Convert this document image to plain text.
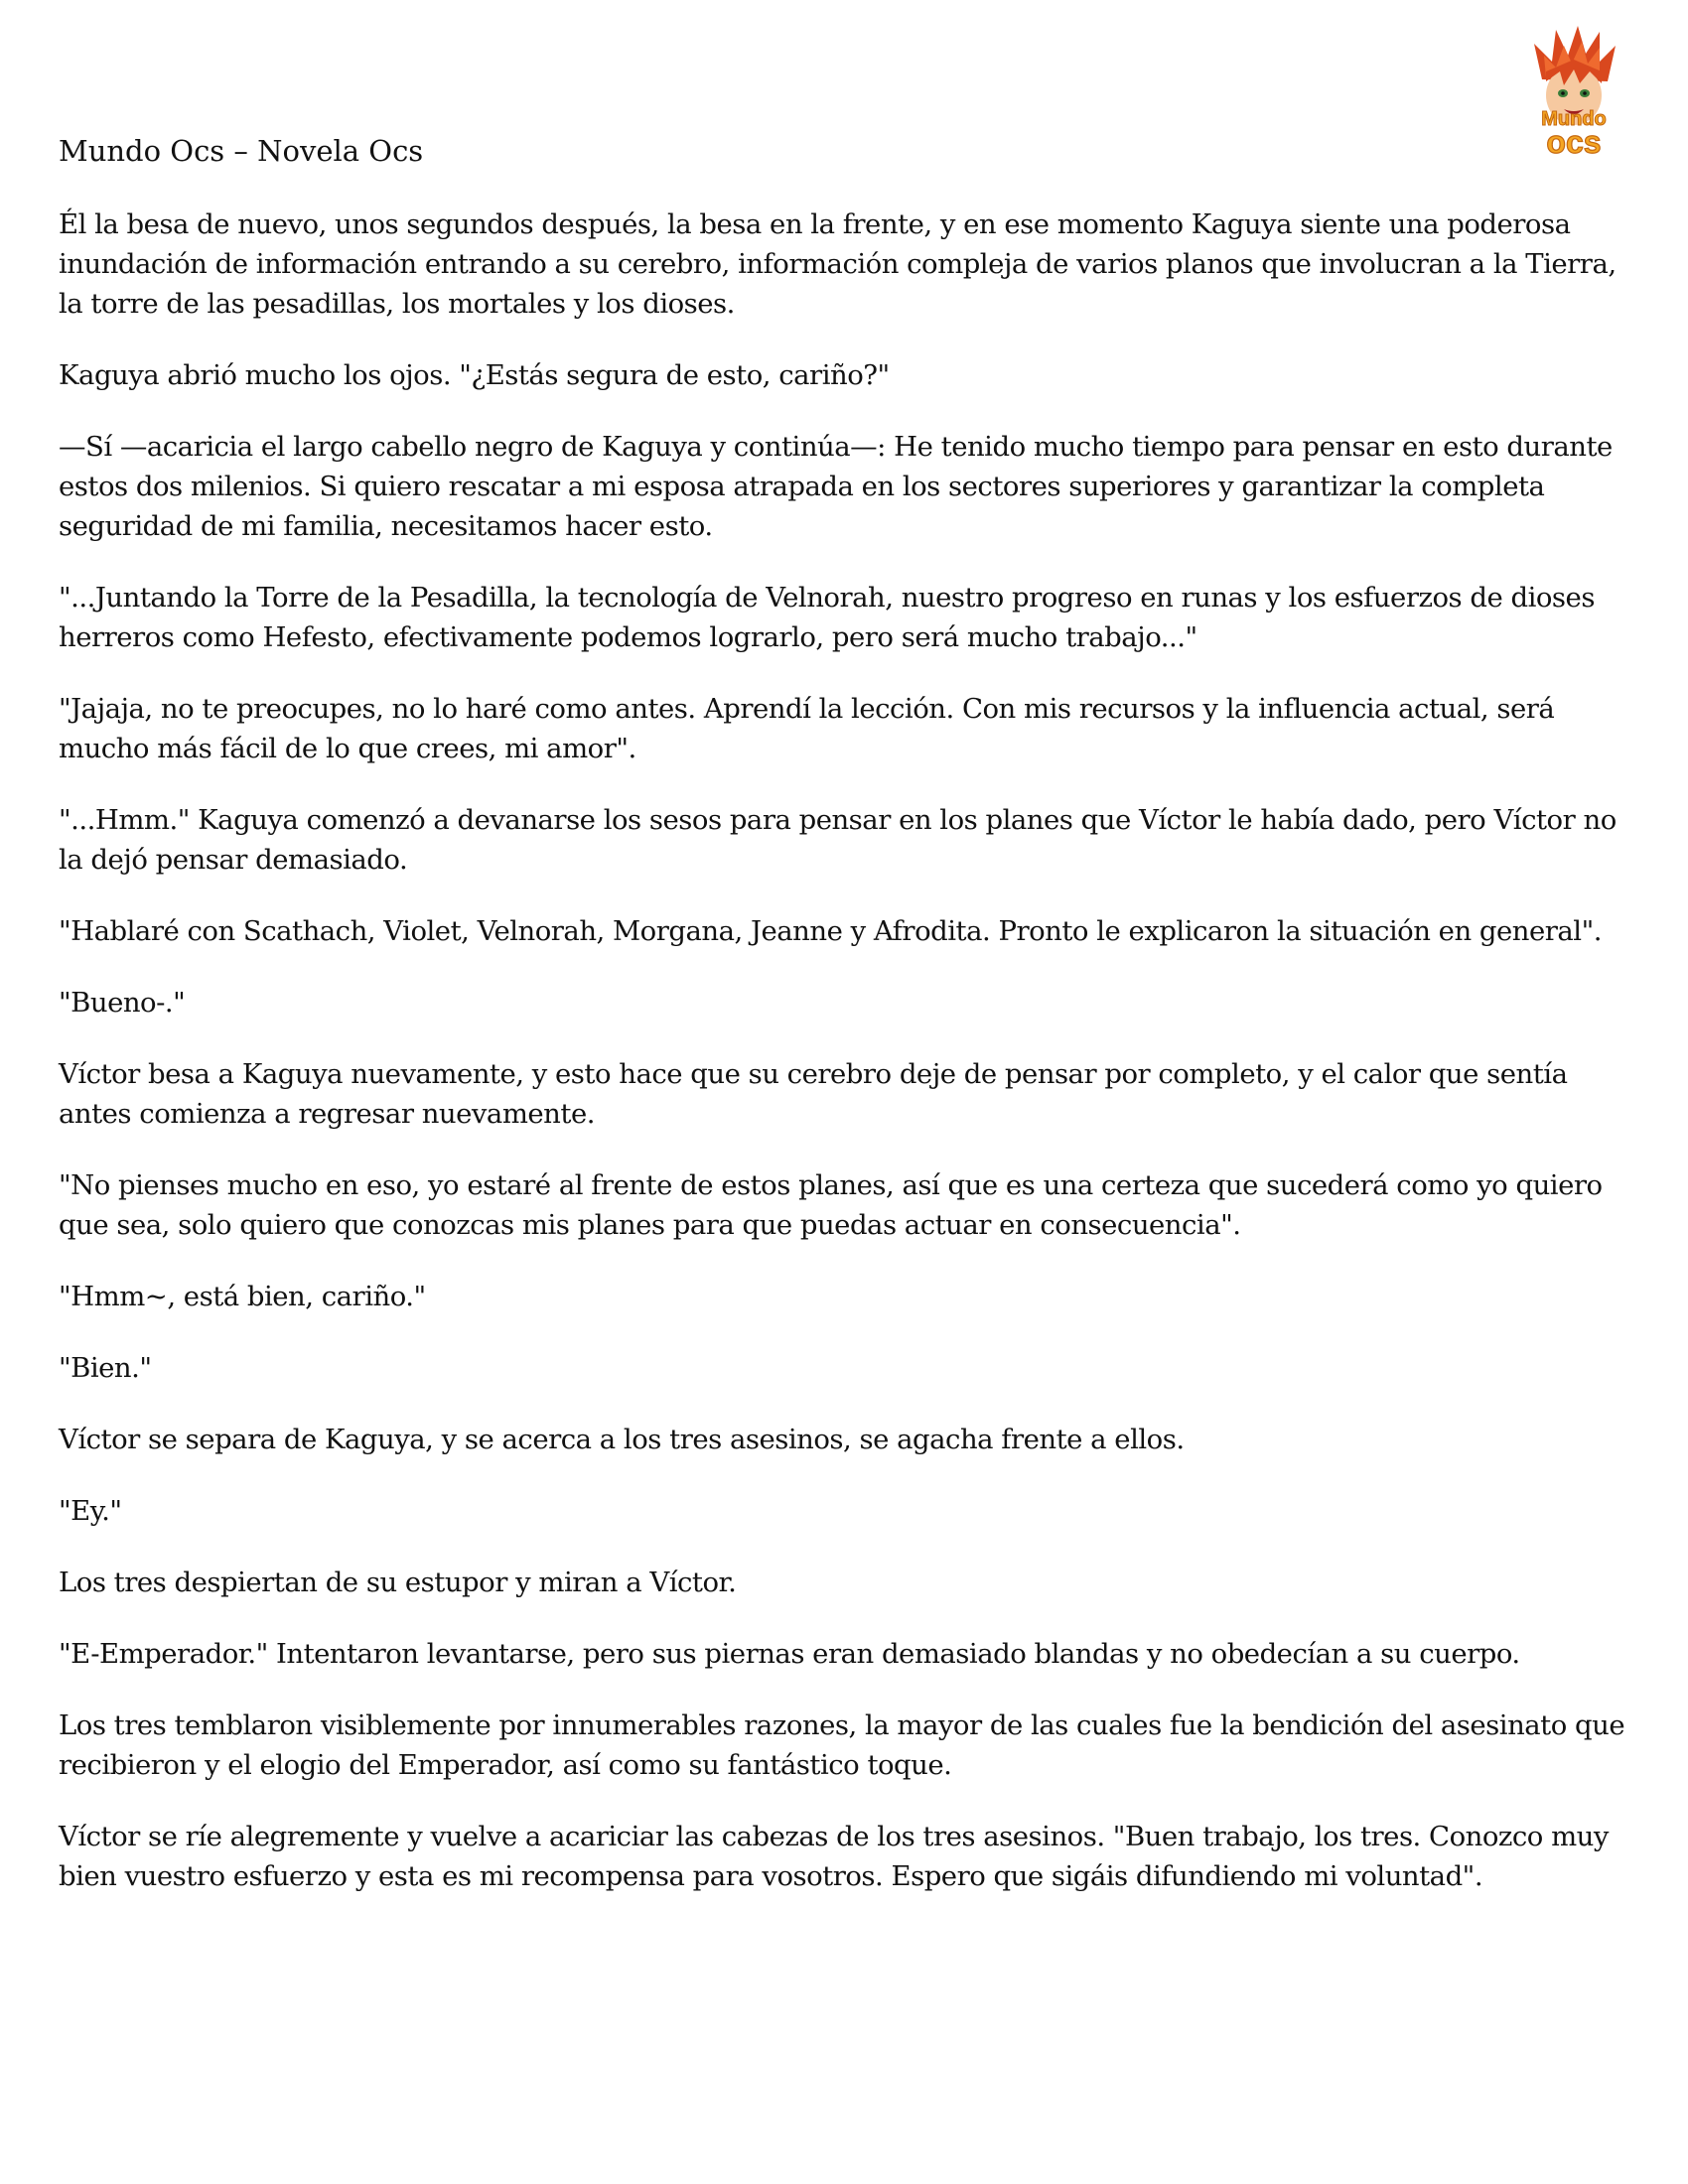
Mundo
ocs
Mundo Ocs – Novela Ocs

Él la besa de nuevo, unos segundos después, la besa en la frente, y en ese momento Kaguya siente una poderosa inundación de información entrando a su cerebro, información compleja de varios planos que involucran a la Tierra, la torre de las pesadillas, los mortales y los dioses.

Kaguya abrió mucho los ojos. "¿Estás segura de esto, cariño?"

—Sí —acaricia el largo cabello negro de Kaguya y continúa—: He tenido mucho tiempo para pensar en esto durante estos dos milenios. Si quiero rescatar a mi esposa atrapada en los sectores superiores y garantizar la completa seguridad de mi familia, necesitamos hacer esto.

"...Juntando la Torre de la Pesadilla, la tecnología de Velnorah, nuestro progreso en runas y los esfuerzos de dioses herreros como Hefesto, efectivamente podemos lograrlo, pero será mucho trabajo..."

"Jajaja, no te preocupes, no lo haré como antes. Aprendí la lección. Con mis recursos y la influencia actual, será mucho más fácil de lo que crees, mi amor".

"...Hmm." Kaguya comenzó a devanarse los sesos para pensar en los planes que Víctor le había dado, pero Víctor no la dejó pensar demasiado.

"Hablaré con Scathach, Violet, Velnorah, Morgana, Jeanne y Afrodita. Pronto le explicaron la situación en general".

"Bueno-."

Víctor besa a Kaguya nuevamente, y esto hace que su cerebro deje de pensar por completo, y el calor que sentía antes comienza a regresar nuevamente.

"No pienses mucho en eso, yo estaré al frente de estos planes, así que es una certeza que sucederá como yo quiero que sea, solo quiero que conozcas mis planes para que puedas actuar en consecuencia".

"Hmm~, está bien, cariño."

"Bien."

Víctor se separa de Kaguya, y se acerca a los tres asesinos, se agacha frente a ellos.

"Ey."

Los tres despiertan de su estupor y miran a Víctor.

"E-Emperador." Intentaron levantarse, pero sus piernas eran demasiado blandas y no obedecían a su cuerpo.

Los tres temblaron visiblemente por innumerables razones, la mayor de las cuales fue la bendición del asesinato que recibieron y el elogio del Emperador, así como su fantástico toque.

Víctor se ríe alegremente y vuelve a acariciar las cabezas de los tres asesinos. "Buen trabajo, los tres. Conozco muy bien vuestro esfuerzo y esta es mi recompensa para vosotros. Espero que sigáis difundiendo mi voluntad".
